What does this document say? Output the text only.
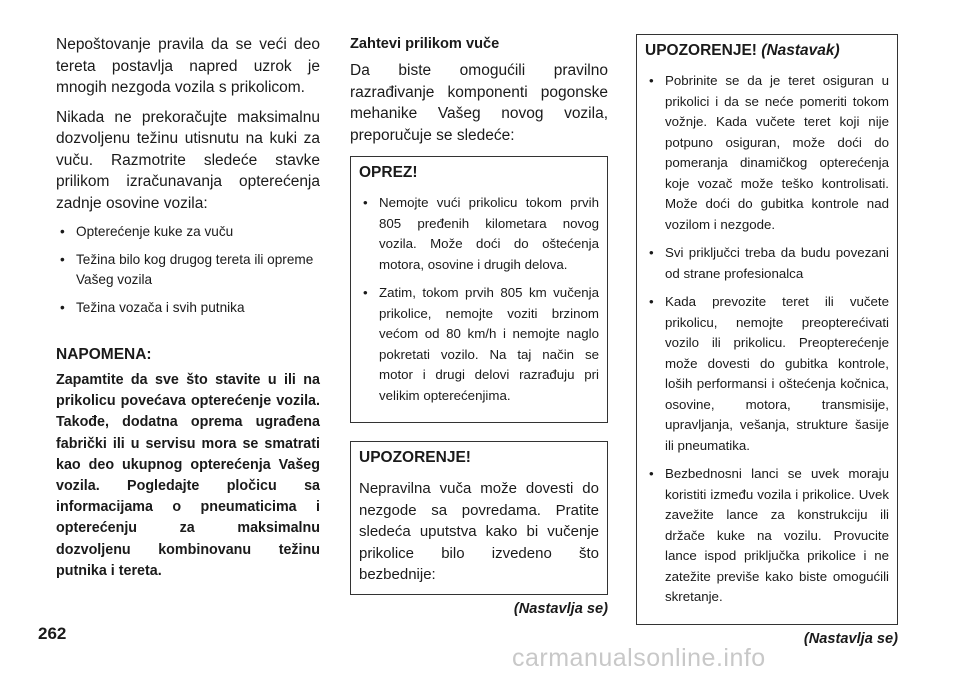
Nepoštovanje pravila da se veći deo tereta postavlja napred uzrok je mnogih nezgoda vozila s prikolicom.

Nikada ne prekoračujte maksimalnu dozvoljenu težinu utisnutu na kuki za vuču. Razmotrite sledeće stavke prilikom izračunavanja opterećenja zadnje osovine vozila:

• Opterećenje kuke za vuču
• Težina bilo kog drugog tereta ili opreme Vašeg vozila
• Težina vozača i svih putnika
NAPOMENA:

Zapamtite da sve što stavite u ili na prikolicu povećava opterećenje vozila. Takođe, dodatna oprema ugrađena fabrički ili u servisu mora se smatrati kao deo ukupnog opterećenja Vašeg vozila. Pogledajte pločicu sa informacijama o pneumaticima i opterećenju za maksimalnu dozvoljenu kombinovanu težinu putnika i tereta.

Zahtevi prilikom vuče

Da biste omogućili pravilno razrađivanje komponenti pogonske mehanike Vašeg novog vozila, preporučuje se sledeće:

OPREZ!
• Nemojte vući prikolicu tokom prvih 805 pređenih kilometara novog vozila. Može doći do oštećenja motora, osovine i drugih delova.
• Zatim, tokom prvih 805 km vučenja prikolice, nemojte voziti brzinom većom od 80 km/h i nemojte naglo pokretati vozilo. Na taj način se motor i drugi delovi razrađuju pri velikim opterećenjima.
UPOZORENJE!

Nepravilna vuča može dovesti do nezgode sa povredama. Pratite sledeća uputstva kako bi vučenje prikolice bilo izvedeno što bezbednije:

(Nastavlja se)
UPOZORENJE! (Nastavak)
• Pobrinite se da je teret osiguran u prikolici i da se neće pomeriti tokom vožnje. Kada vučete teret koji nije potpuno osiguran, može doći do pomeranja dinamičkog opterećenja koje vozač može teško kontrolisati. Može doći do gubitka kontrole nad vozilom i nezgode.
• Svi priključci treba da budu povezani od strane profesionalca
• Kada prevozite teret ili vučete prikolicu, nemojte preopterećivati vozilo ili prikolicu. Preopterećenje može dovesti do gubitka kontrole, loših performansi i oštećenja kočnica, osovine, motora, transmisije, upravljanja, vešanja, strukture šasije ili pneumatika.
• Bezbednosni lanci se uvek moraju koristiti između vozila i prikolice. Uvek zavežite lance za konstrukciju ili držače kuke na vozilu. Provucite lance ispod priključka prikolice i ne zatežite previše kako biste omogućili skretanje.
(Nastavlja se)
262
carmanualsonline.info
